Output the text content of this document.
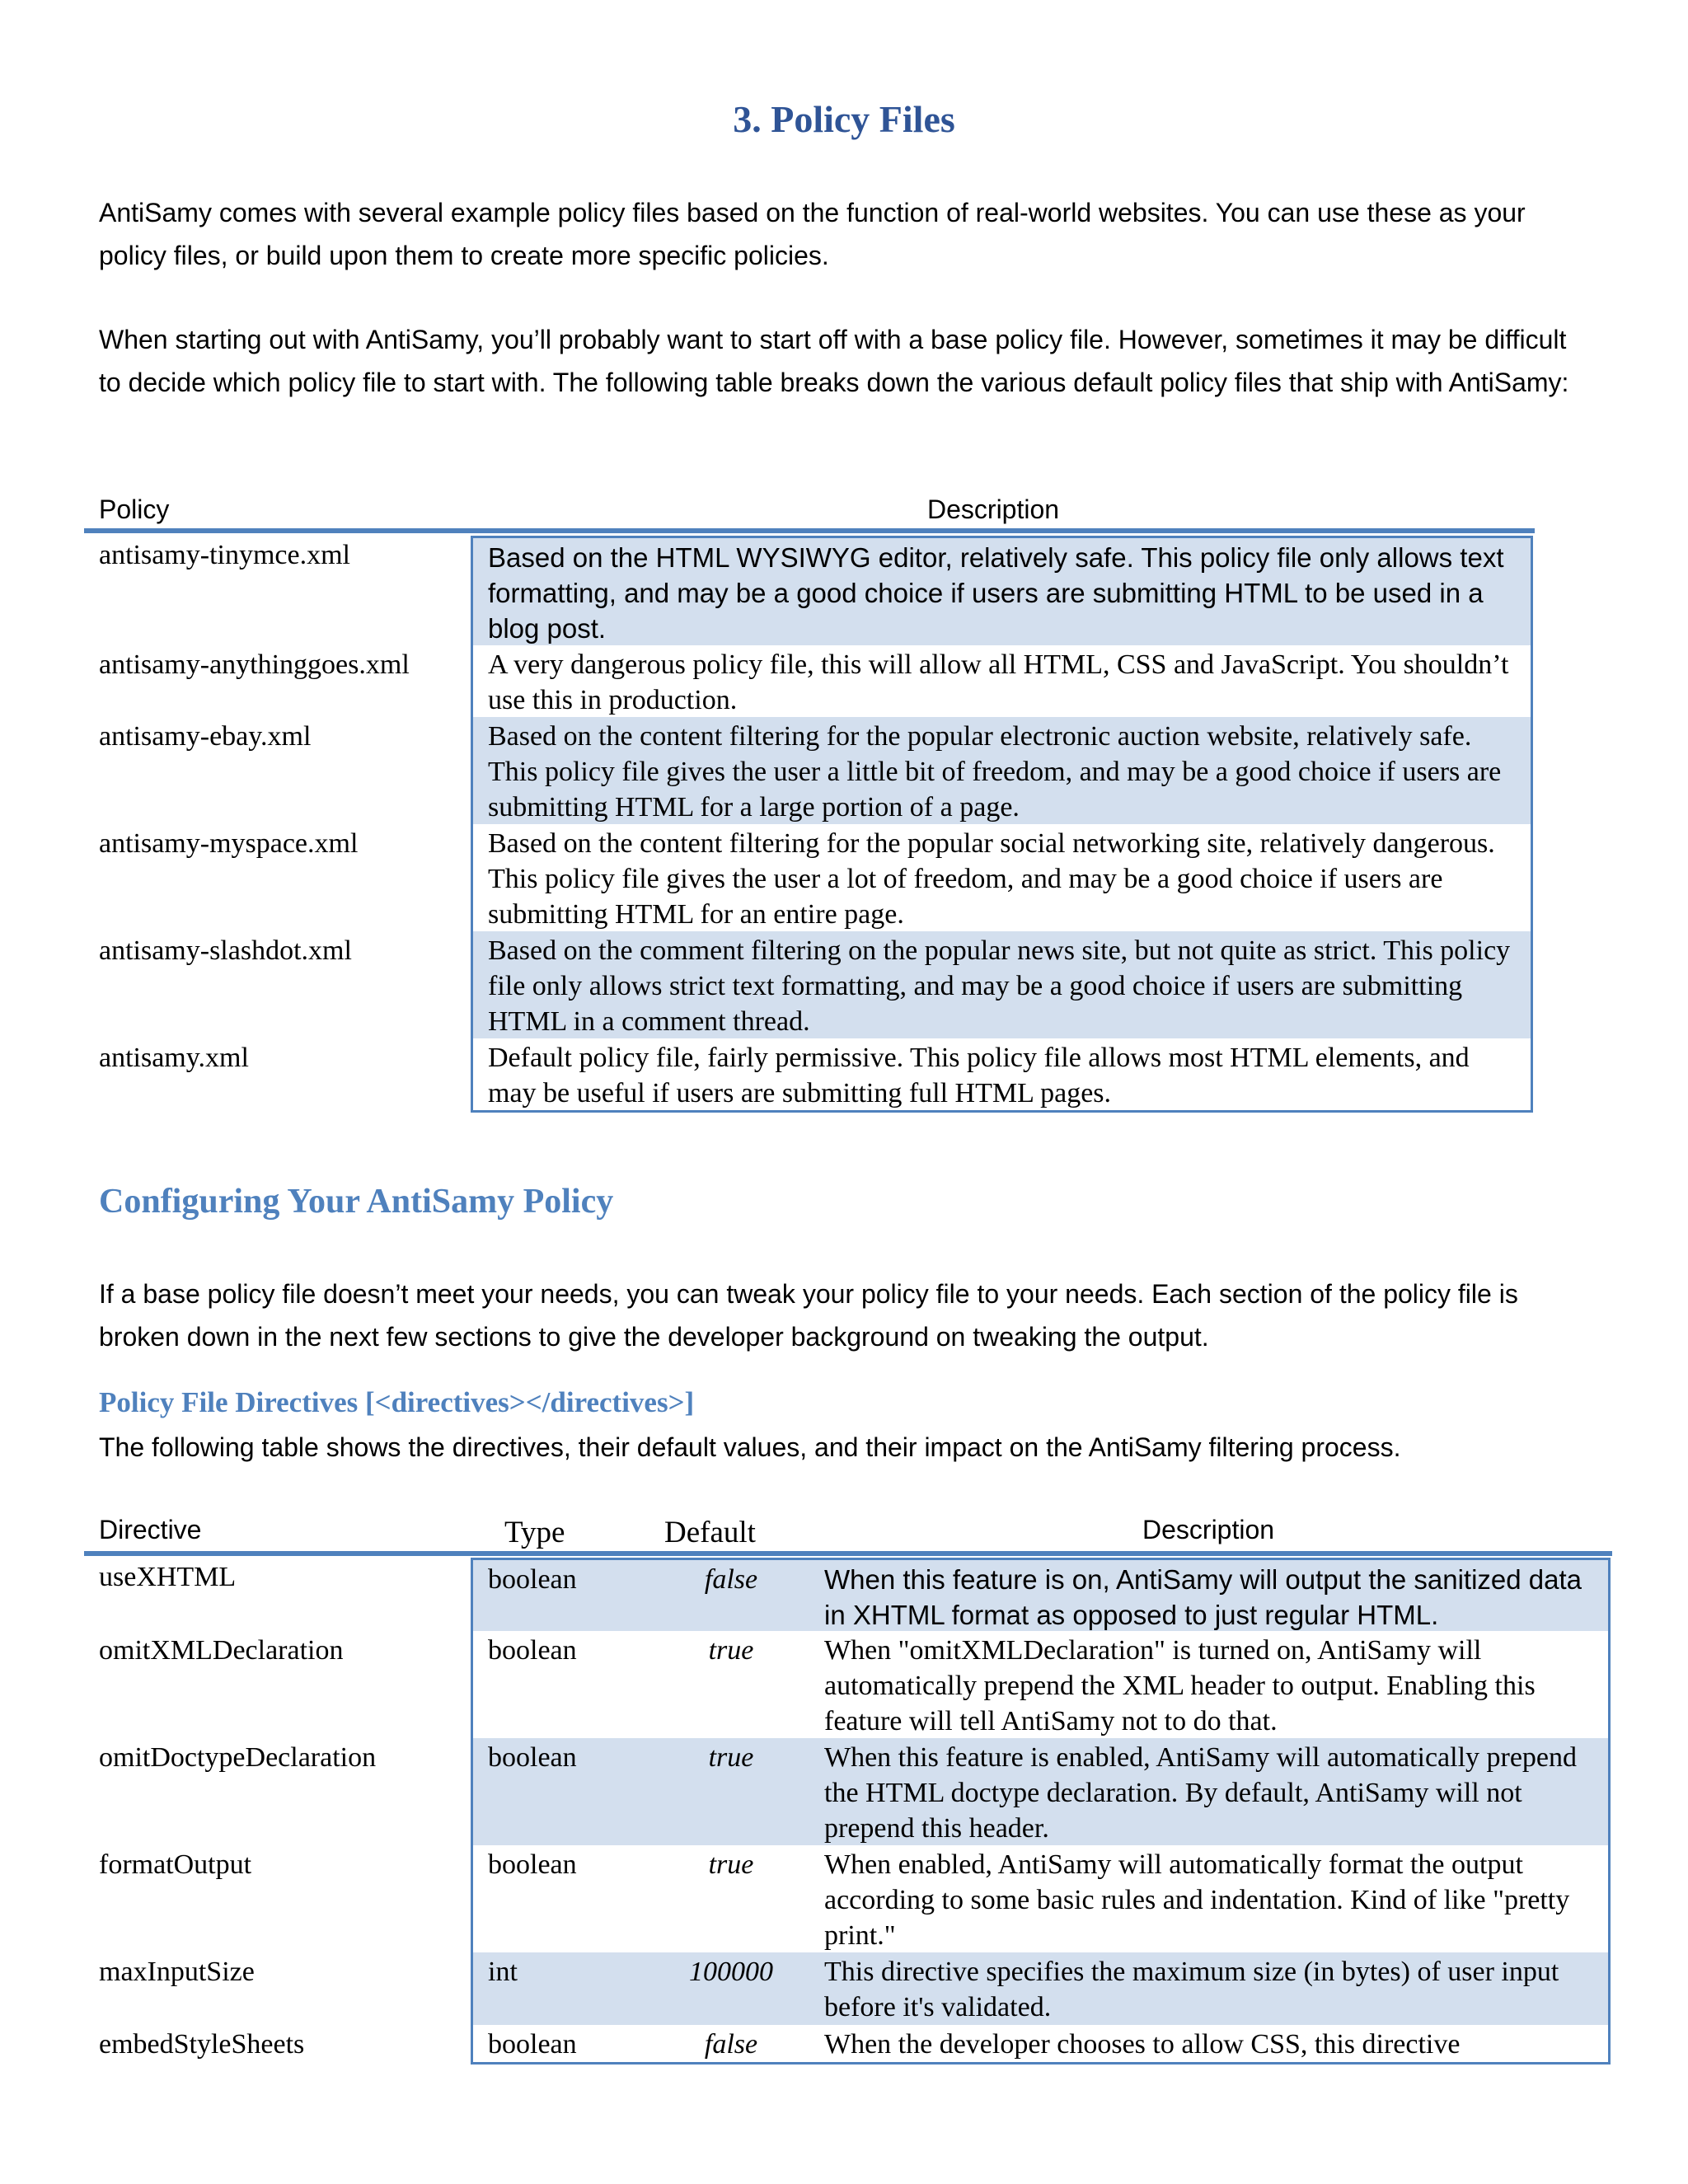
3. Policy Files

AntiSamy comes with several example policy files based on the function of real-world websites. You can use these as your policy files, or build upon them to create more specific policies.

When starting out with AntiSamy, you’ll probably want to start off with a base policy file. However, sometimes it may be difficult to decide which policy file to start with. The following table breaks down the various default policy files that ship with AntiSamy:

Policy	Description
antisamy-tinymce.xml	Based on the HTML WYSIWYG editor, relatively safe. This policy file only allows text formatting, and may be a good choice if users are submitting HTML to be used in a blog post.
antisamy-anythinggoes.xml	A very dangerous policy file, this will allow all HTML, CSS and JavaScript. You shouldn’t use this in production.
antisamy-ebay.xml	Based on the content filtering for the popular electronic auction website, relatively safe. This policy file gives the user a little bit of freedom, and may be a good choice if users are submitting HTML for a large portion of a page.
antisamy-myspace.xml	Based on the content filtering for the popular social networking site, relatively dangerous. This policy file gives the user a lot of freedom, and may be a good choice if users are submitting HTML for an entire page.
antisamy-slashdot.xml	Based on the comment filtering on the popular news site, but not quite as strict. This policy file only allows strict text formatting, and may be a good choice if users are submitting HTML in a comment thread.
antisamy.xml	Default policy file, fairly permissive. This policy file allows most HTML elements, and may be useful if users are submitting full HTML pages.
Configuring Your AntiSamy Policy

If a base policy file doesn’t meet your needs, you can tweak your policy file to your needs. Each section of the policy file is broken down in the next few sections to give the developer background on tweaking the output.

Policy File Directives [<directives></directives>]

The following table shows the directives, their default values, and their impact on the AntiSamy filtering process.

Directive	Type	Default	Description
useXHTML	boolean	false	When this feature is on, AntiSamy will output the sanitized data in XHTML format as opposed to just regular HTML.
omitXMLDeclaration	boolean	true	When "omitXMLDeclaration" is turned on, AntiSamy will automatically prepend the XML header to output. Enabling this feature will tell AntiSamy not to do that.
omitDoctypeDeclaration	boolean	true	When this feature is enabled, AntiSamy will automatically prepend the HTML doctype declaration. By default, AntiSamy will not prepend this header.
formatOutput	boolean	true	When enabled, AntiSamy will automatically format the output according to some basic rules and indentation. Kind of like "pretty print."
maxInputSize	int	100000	This directive specifies the maximum size (in bytes) of user input before it's validated.
embedStyleSheets	boolean	false	When the developer chooses to allow CSS, this directive
